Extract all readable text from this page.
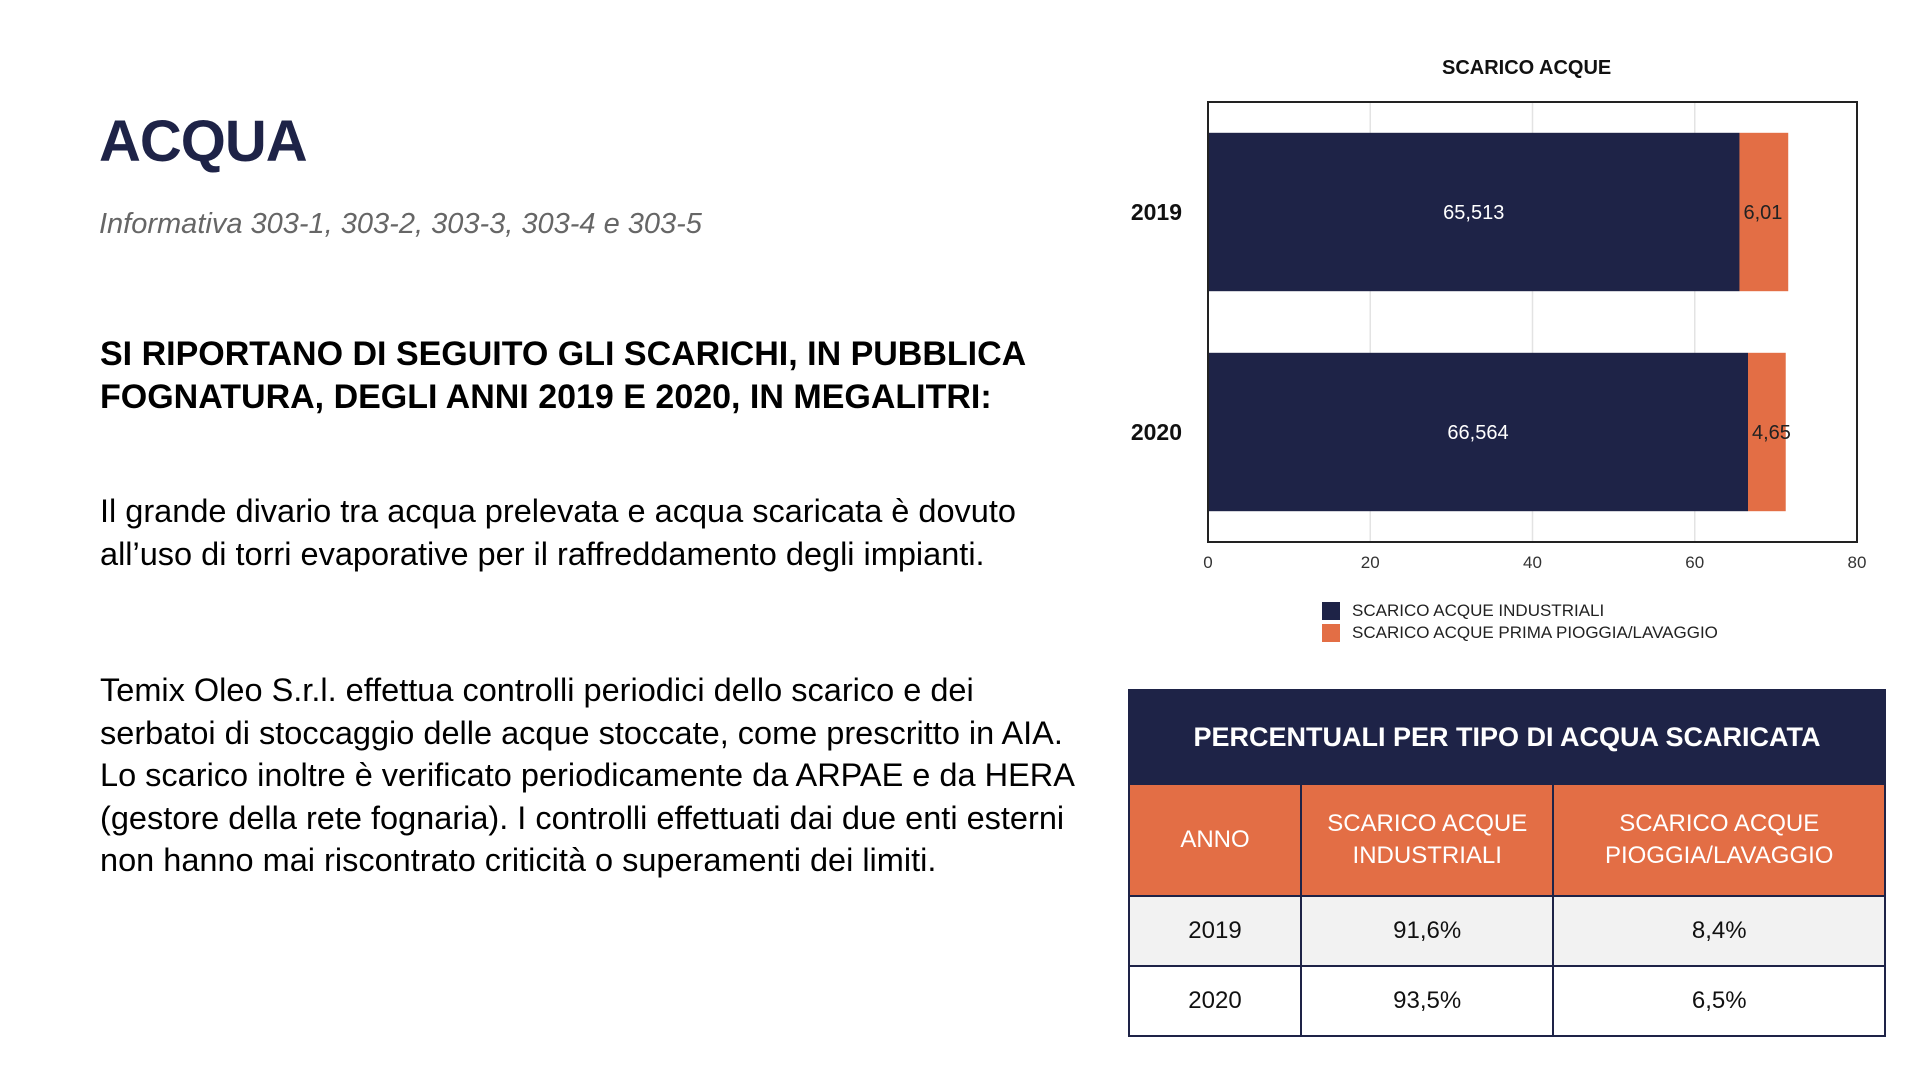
ACQUA
Informativa 303-1, 303-2, 303-3, 303-4 e 303-5
SI RIPORTANO DI SEGUITO GLI SCARICHI, IN PUBBLICA FOGNATURA, DEGLI ANNI 2019 E 2020, IN MEGALITRI:
Il grande divario tra acqua prelevata e acqua scaricata è dovuto all’uso di torri evaporative per il raffreddamento degli impianti.
Temix Oleo S.r.l. effettua controlli periodici dello scarico e dei serbatoi di stoccaggio delle acque stoccate, come prescritto in AIA. Lo scarico inoltre è verificato periodicamente da ARPAE e da HERA (gestore della rete fognaria). I controlli effettuati dai due enti esterni non hanno mai riscontrato criticità o superamenti dei limiti.
SCARICO ACQUE
65,513	6,01
2019
66,564	4,65
2020
0	20	40	60	80
SCARICO ACQUE INDUSTRIALI
SCARICO ACQUE PRIMA PIOGGIA/LAVAGGIO
PERCENTUALI PER TIPO DI ACQUA SCARICATA		
ANNO	SCARICO ACQUE INDUSTRIALI	SCARICO ACQUE PIOGGIA/LAVAGGIO
2019	91,6%	8,4%
2020	93,5%	6,5%
